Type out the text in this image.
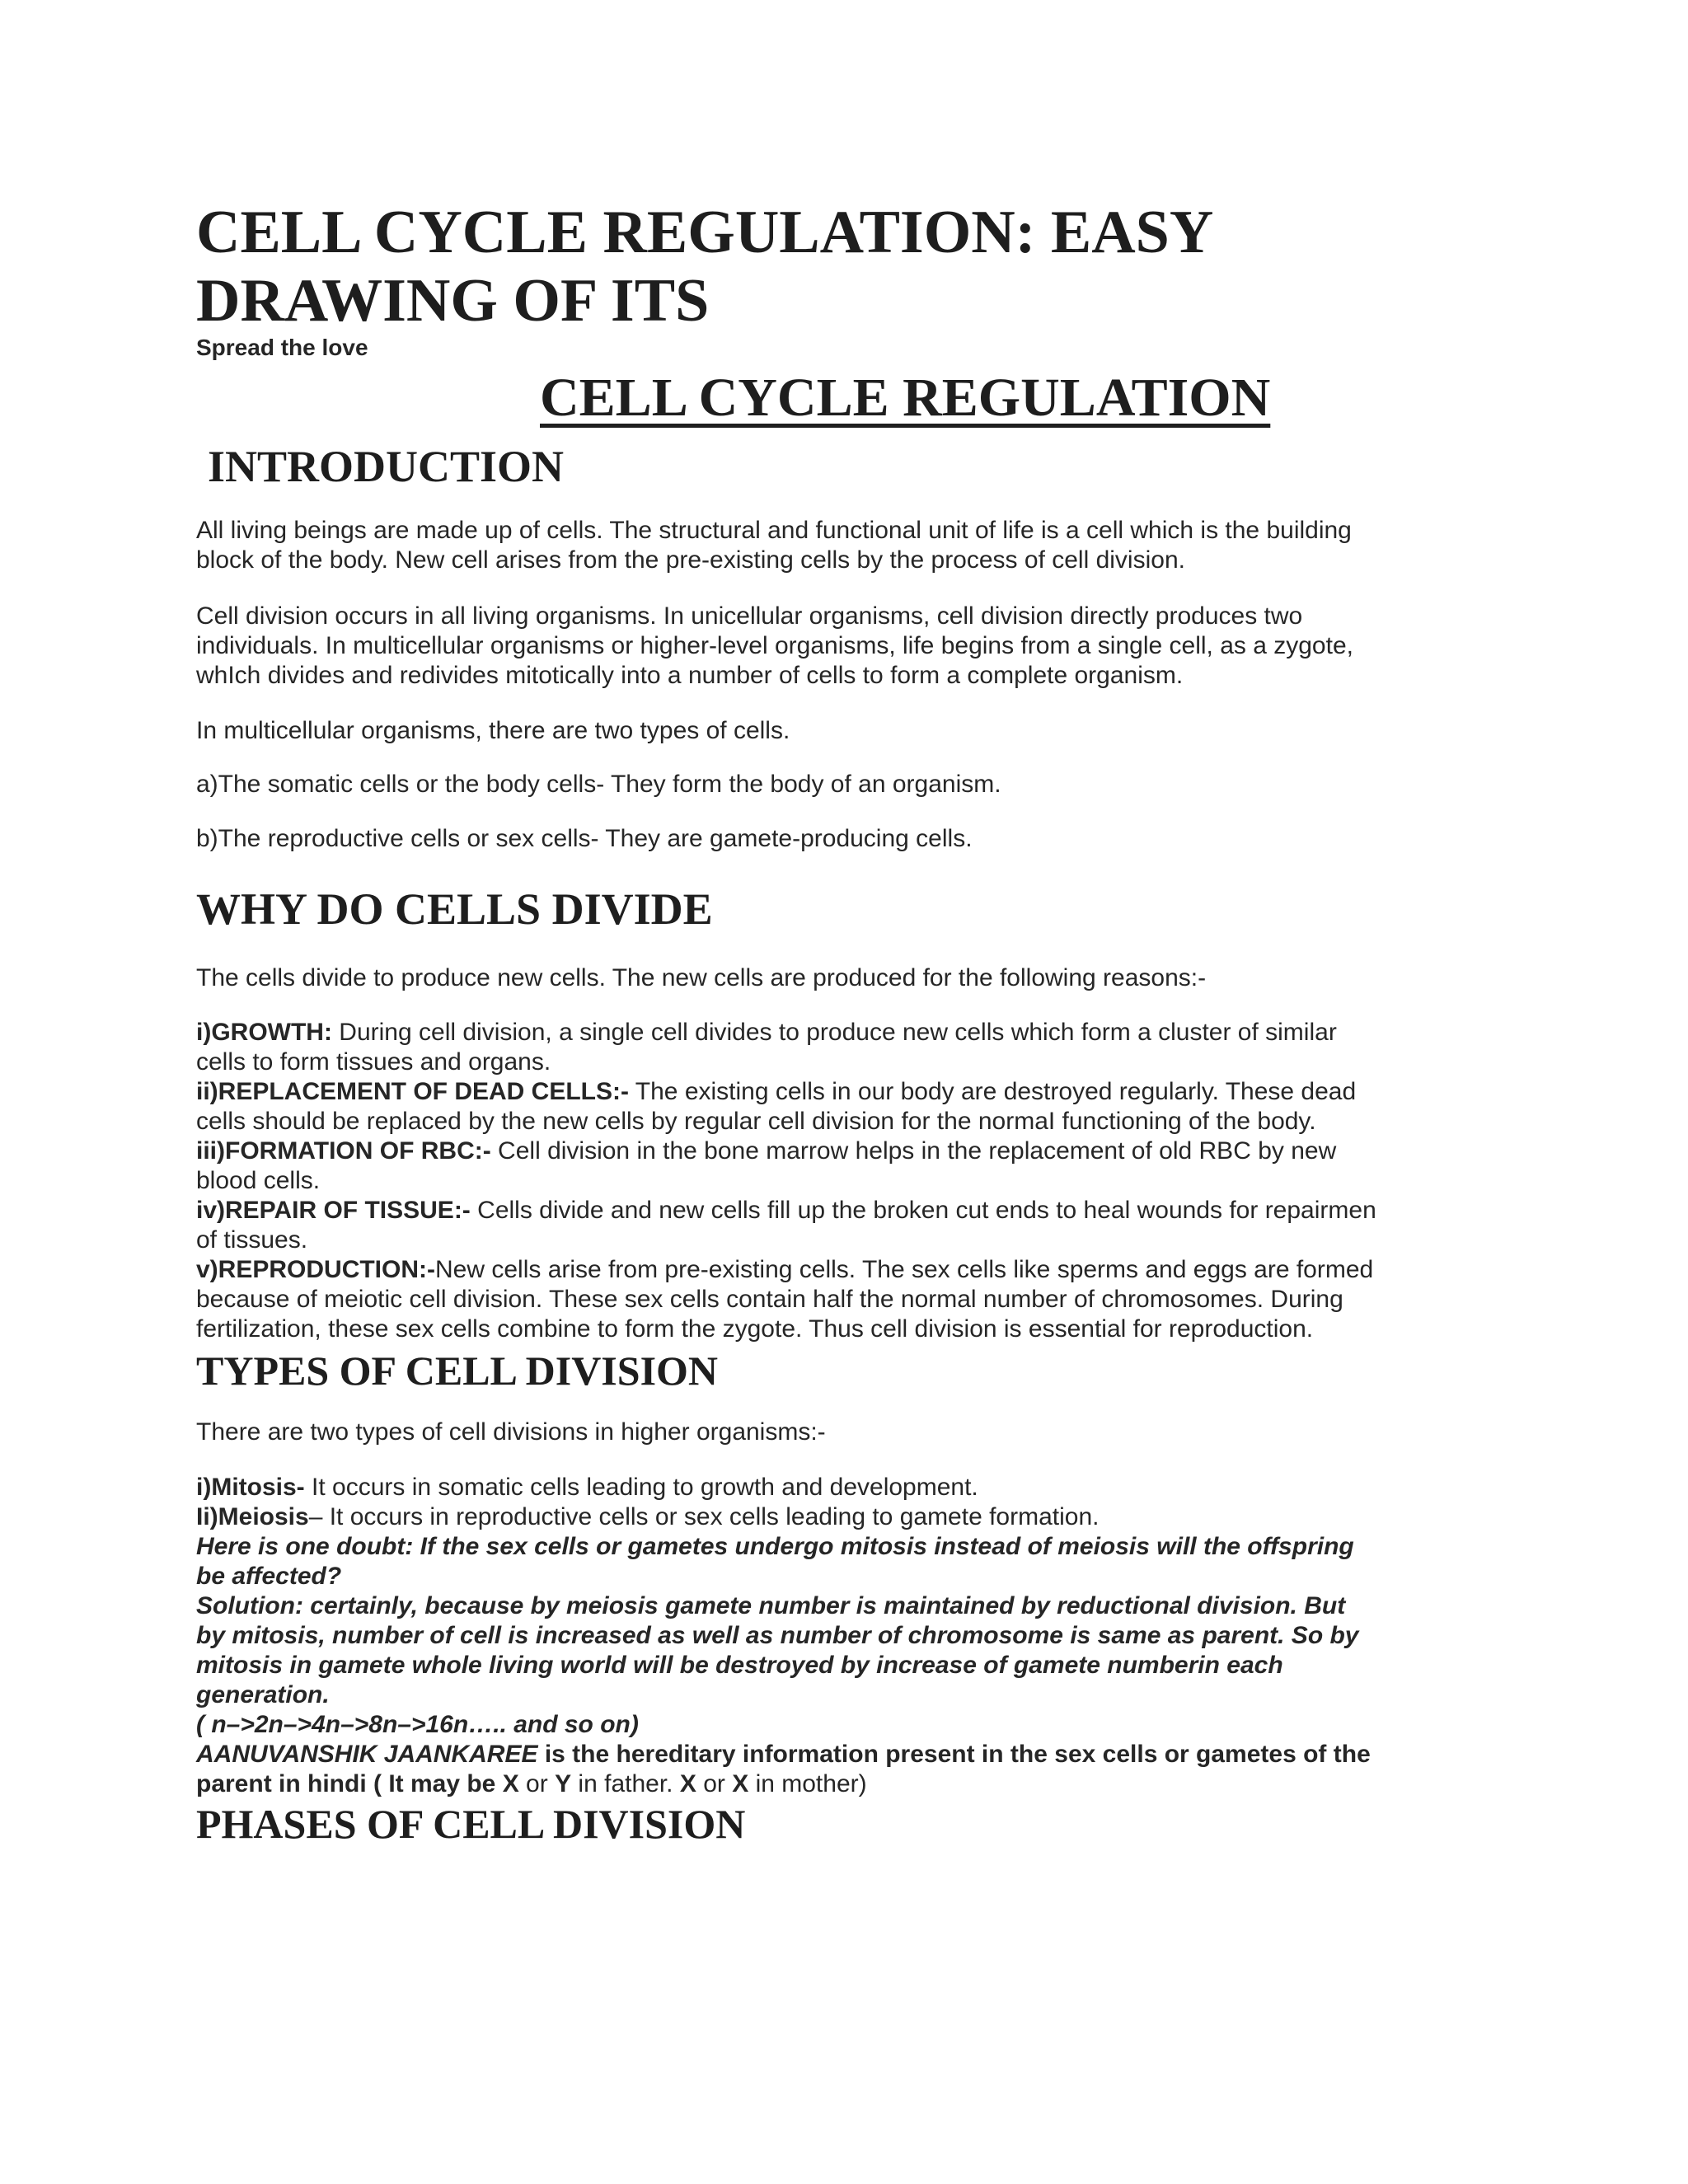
CELL CYCLE REGULATION: EASY
DRAWING OF ITS
Spread the love
CELL CYCLE REGULATION
INTRODUCTION

All living beings are made up of cells. The structural and functional unit of life is a cell which is the building

block of the body. New cell arises from the pre-existing cells by the process of cell division.

Cell division occurs in all living organisms. In unicellular organisms, cell division directly produces two

individuals. In multicellular organisms or higher-level organisms, life begins from a single cell, as a zygote,

whIch divides and redivides mitotically into a number of cells to form a complete organism.

In multicellular organisms, there are two types of cells.

a)The somatic cells or the body cells- They form the body of an organism.

b)The reproductive cells or sex cells- They are gamete-producing cells.

WHY DO CELLS DIVIDE

The cells divide to produce new cells. The new cells are produced for the following reasons:-

i)GROWTH: During cell division, a single cell divides to produce new cells which form a cluster of similar

cells to form tissues and organs.

ii)REPLACEMENT OF DEAD CELLS:- The existing cells in our body are destroyed regularly. These dead

cells should be replaced by the new cells by regular cell division for the normaI functioning of the body.

iii)FORMATION OF RBC:- Cell division in the bone marrow helps in the replacement of old RBC by new

blood cells.

iv)REPAIR OF TISSUE:- Cells divide and new cells fill up the broken cut ends to heal wounds for repairmen

of tissues.

v)REPRODUCTION:-New cells arise from pre-existing cells. The sex cells like sperms and eggs are formed

because of meiotic cell division. These sex cells contain half the normal number of chromosomes. During

fertilization, these sex cells combine to form the zygote. Thus cell division is essential for reproduction.

TYPES OF CELL DIVISION

There are two types of cell divisions in higher organisms:-

i)Mitosis- It occurs in somatic cells leading to growth and development.

Ii)Meiosis– It occurs in reproductive cells or sex cells leading to gamete formation.

Here is one doubt: If the sex cells or gametes undergo mitosis instead of meiosis will the offspring

be affected?

Solution: certainly, because by meiosis gamete number is maintained by reductional division. But

by mitosis, number of cell is increased as well as number of chromosome is same as parent. So by

mitosis in gamete whole living world will be destroyed by increase of gamete numberin each

generation.

( n–>2n–>4n–>8n–>16n….. and so on)

AANUVANSHIK JAANKAREE is the hereditary information present in the sex cells or gametes of the

parent in hindi ( It may be X or Y in father. X or X in mother)

PHASES OF CELL DIVISION
